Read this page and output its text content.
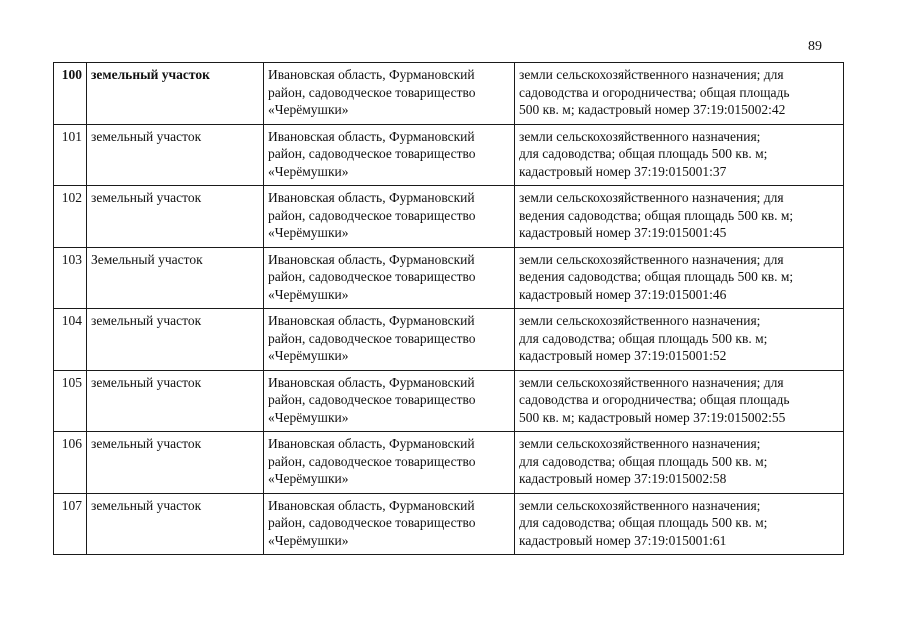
89
100	земельный участок	Ивановская область, Фурмановский
район, садоводческое товарищество
«Черёмушки»	земли сельскохозяйственного назначения; для
садоводства и огородничества; общая площадь
500 кв. м; кадастровый номер 37:19:015002:42

101	земельный участок	Ивановская область, Фурмановский
район, садоводческое товарищество
«Черёмушки»	земли сельскохозяйственного назначения;
для садоводства; общая площадь 500 кв. м;
кадастровый номер 37:19:015001:37

102	земельный участок	Ивановская область, Фурмановский
район, садоводческое товарищество
«Черёмушки»	земли сельскохозяйственного назначения; для
ведения садоводства; общая площадь 500 кв. м;
кадастровый номер 37:19:015001:45

103	Земельный участок	Ивановская область, Фурмановский
район, садоводческое товарищество
«Черёмушки»	земли сельскохозяйственного назначения; для
ведения садоводства; общая площадь 500 кв. м;
кадастровый номер 37:19:015001:46

104	земельный участок	Ивановская область, Фурмановский
район, садоводческое товарищество
«Черёмушки»	земли сельскохозяйственного назначения;
для садоводства; общая площадь 500 кв. м;
кадастровый номер 37:19:015001:52

105	земельный участок	Ивановская область, Фурмановский
район, садоводческое товарищество
«Черёмушки»	земли сельскохозяйственного назначения; для
садоводства и огородничества; общая площадь
500 кв. м; кадастровый номер 37:19:015002:55

106	земельный участок	Ивановская область, Фурмановский
район, садоводческое товарищество
«Черёмушки»	земли сельскохозяйственного назначения;
для садоводства; общая площадь 500 кв. м;
кадастровый номер 37:19:015002:58

107	земельный участок	Ивановская область, Фурмановский
район, садоводческое товарищество
«Черёмушки»	земли сельскохозяйственного назначения;
для садоводства; общая площадь 500 кв. м;
кадастровый номер 37:19:015001:61
